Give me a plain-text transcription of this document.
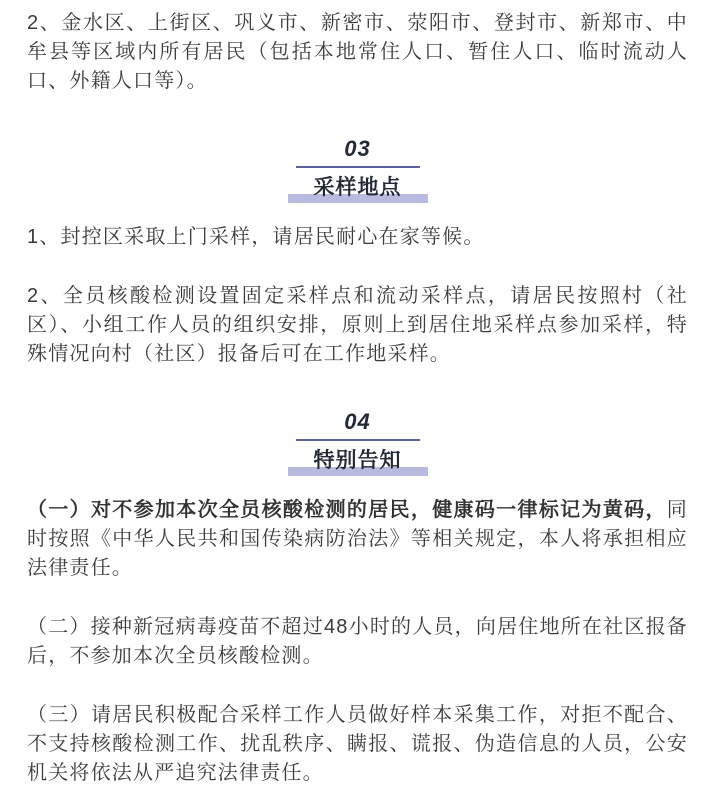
2、金水区、上街区、巩义市、新密市、荥阳市、登封市、新郑市、中牟县等区域内所有居民（包括本地常住人口、暂住人口、临时流动人口、外籍人口等）。

03
采样地点

1、封控区采取上门采样，请居民耐心在家等候。

2、全员核酸检测设置固定采样点和流动采样点，请居民按照村（社区）、小组工作人员的组织安排，原则上到居住地采样点参加采样，特殊情况向村（社区）报备后可在工作地采样。

04
特别告知

（一）对不参加本次全员核酸检测的居民，健康码一律标记为黄码，同时按照《中华人民共和国传染病防治法》等相关规定，本人将承担相应法律责任。

（二）接种新冠病毒疫苗不超过48小时的人员，向居住地所在社区报备后，不参加本次全员核酸检测。

（三）请居民积极配合采样工作人员做好样本采集工作，对拒不配合、不支持核酸检测工作、扰乱秩序、瞒报、谎报、伪造信息的人员，公安机关将依法从严追究法律责任。
